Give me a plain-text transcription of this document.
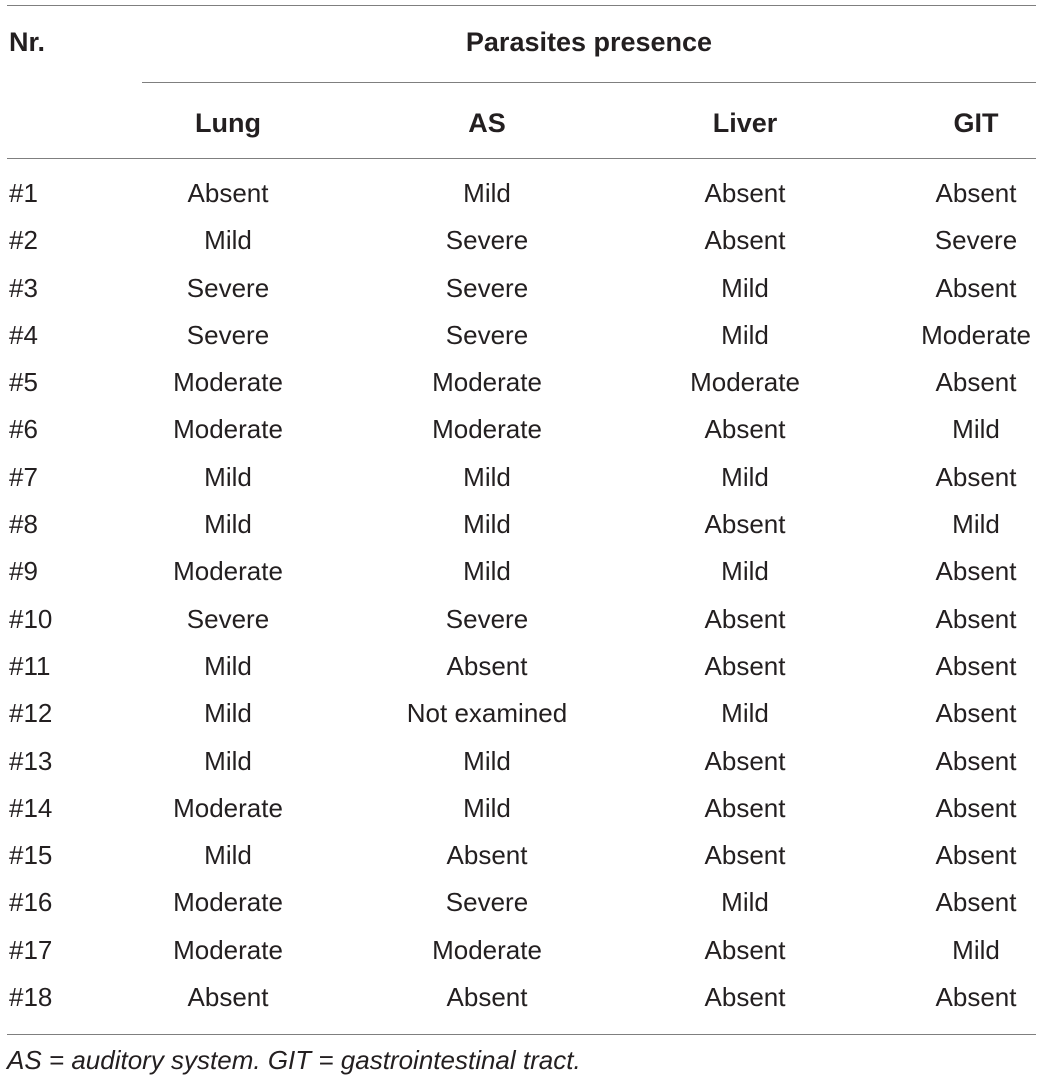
Nr.	Parasites presence
Lung	AS	Liver	GIT
#1	Absent	Mild	Absent	Absent
#2	Mild	Severe	Absent	Severe
#3	Severe	Severe	Mild	Absent
#4	Severe	Severe	Mild	Moderate
#5	Moderate	Moderate	Moderate	Absent
#6	Moderate	Moderate	Absent	Mild
#7	Mild	Mild	Mild	Absent
#8	Mild	Mild	Absent	Mild
#9	Moderate	Mild	Mild	Absent
#10	Severe	Severe	Absent	Absent
#11	Mild	Absent	Absent	Absent
#12	Mild	Not examined	Mild	Absent
#13	Mild	Mild	Absent	Absent
#14	Moderate	Mild	Absent	Absent
#15	Mild	Absent	Absent	Absent
#16	Moderate	Severe	Mild	Absent
#17	Moderate	Moderate	Absent	Mild
#18	Absent	Absent	Absent	Absent
AS = auditory system. GIT = gastrointestinal tract.
